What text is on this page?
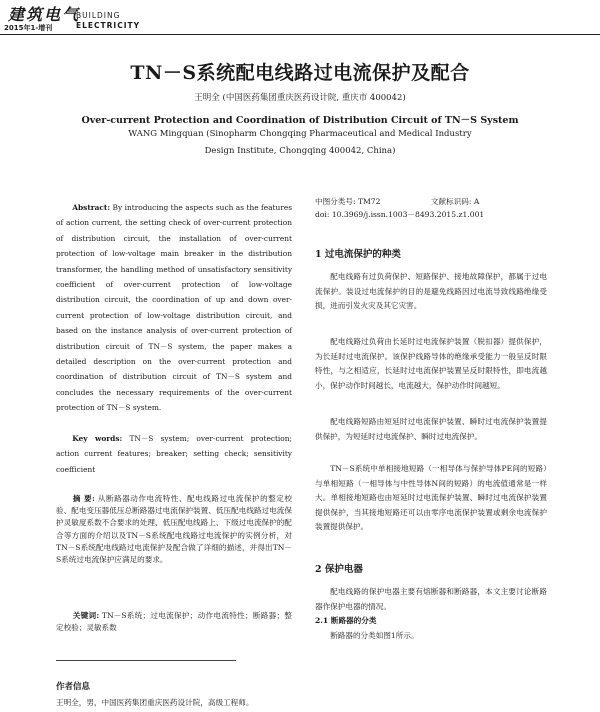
建筑电气
BUILDING
ELECTRICITY
2015年1-增刊
TN－S系统配电线路过电流保护及配合
王明全 (中国医药集团重庆医药设计院, 重庆市 400042)
Over-current Protection and Coordination of Distribution Circuit of TN－S System
WANG Mingquan (Sinopharm Chongqing Pharmaceutical and Medical Industry
Design Institute, Chongqing 400042, China)
Abstract: By introducing the aspects such as the features of action current, the setting check of over-current protection of distribution circuit, the installation of over-current protection of low-voltage main breaker in the distribution transformer, the handling method of unsatisfactory sensitivity coefficient of over-current protection of low-voltage distribution circuit, the coordination of up and down over-current protection of low-voltage distribution circuit, and based on the instance analysis of over-current protection of distribution circuit of TN－S system, the paper makes a detailed description on the over-current protection and coordination of distribution circuit of TN－S system and concludes the necessary requirements of the over-current protection of TN－S system.
Key words: TN－S system; over-current protection; action current features; breaker; setting check; sensitivity coefficient
摘 要: 从断路器动作电流特性、配电线路过电流保护的整定校验、配电变压器低压总断路器过电流保护装置、低压配电线路过电流保护灵敏度系数不合要求的处理、低压配电线路上、下级过电流保护的配合等方面的介绍以及TN－S系统配电线路过电流保护的实例分析，对TN－S系统配电线路过电流保护及配合做了详细的描述，并得出TN－S系统过电流保护应满足的要求。
关键词: TN－S系统；过电流保护；动作电流特性；断路器；整定校验；灵敏系数
中图分类号: TM72	文献标识码: A
doi: 10.3969/j.issn.1003－8493.2015.z1.001
1 过电流保护的种类
配电线路有过负荷保护、短路保护、接地故障保护，都属于过电流保护。装设过电流保护的目的是避免线路因过电流导致线路绝缘受损，进而引发火灾及其它灾害。
配电线路过负荷由长延时过电流保护装置（脱扣器）提供保护，为长延时过电流保护。该保护线路导体的绝缘承受能力一般呈反时限特性，与之相适应，长延时过电流保护装置呈反时限特性，即电流越小，保护动作时间越长，电流越大，保护动作时间越短。
配电线路短路由短延时过电流保护装置、瞬时过电流保护装置提供保护，为短延时过电流保护、瞬时过电流保护。
TN－S系统中单相接地短路（一相导体与保护导体PE间的短路）与单相短路（一相导体与中性导体N间的短路）的电流值通常是一样大。单相接地短路也由短延时过电流保护装置、瞬时过电流保护装置提供保护，当其接地短路还可以由零序电流保护装置或剩余电流保护装置提供保护。
2 保护电器
配电线路的保护电器主要有熔断器和断路器，本文主要讨论断路器作保护电器的情况。
2.1 断路器的分类
断路器的分类如图1所示。
作者信息
王明全，男，中国医药集团重庆医药设计院，高级工程师。
